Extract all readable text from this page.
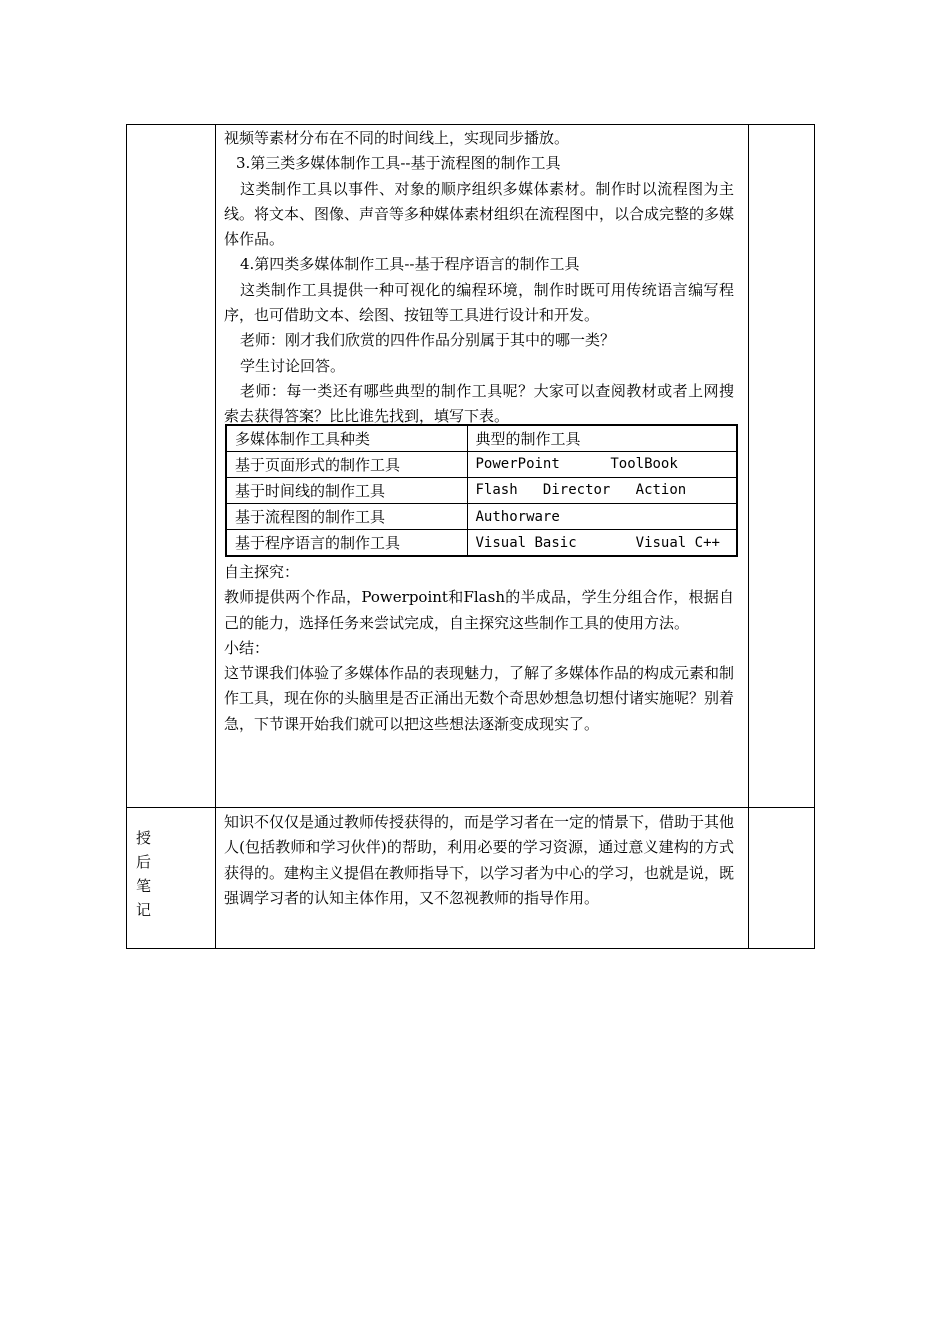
视频等素材分布在不同的时间线上，实现同步播放。

3.第三类多媒体制作工具--基于流程图的制作工具

这类制作工具以事件、对象的顺序组织多媒体素材。制作时以流程图为主线。将文本、图像、声音等多种媒体素材组织在流程图中，以合成完整的多媒体作品。

4.第四类多媒体制作工具--基于程序语言的制作工具

这类制作工具提供一种可视化的编程环境，制作时既可用传统语言编写程序，也可借助文本、绘图、按钮等工具进行设计和开发。

老师：刚才我们欣赏的四件作品分别属于其中的哪一类？

学生讨论回答。

老师：每一类还有哪些典型的制作工具呢？大家可以查阅教材或者上网搜索去获得答案？比比谁先找到，填写下表。

多媒体制作工具种类	典型的制作工具
基于页面形式的制作工具	PowerPoint      ToolBook
基于时间线的制作工具	Flash   Director   Action
基于流程图的制作工具	Authorware
基于程序语言的制作工具	Visual Basic       Visual C++

自主探究：

教师提供两个作品，Powerpoint和Flash的半成品，学生分组合作，根据自己的能力，选择任务来尝试完成，自主探究这些制作工具的使用方法。

小结：

这节课我们体验了多媒体作品的表现魅力，了解了多媒体作品的构成元素和制作工具，现在你的头脑里是否正涌出无数个奇思妙想急切想付诸实施呢？别着急，下节课开始我们就可以把这些想法逐渐变成现实了。

授
后
笔
记

知识不仅仅是通过教师传授获得的，而是学习者在一定的情景下，借助于其他人(包括教师和学习伙伴)的帮助，利用必要的学习资源，通过意义建构的方式获得的。建构主义提倡在教师指导下，以学习者为中心的学习，也就是说，既强调学习者的认知主体作用，又不忽视教师的指导作用。
